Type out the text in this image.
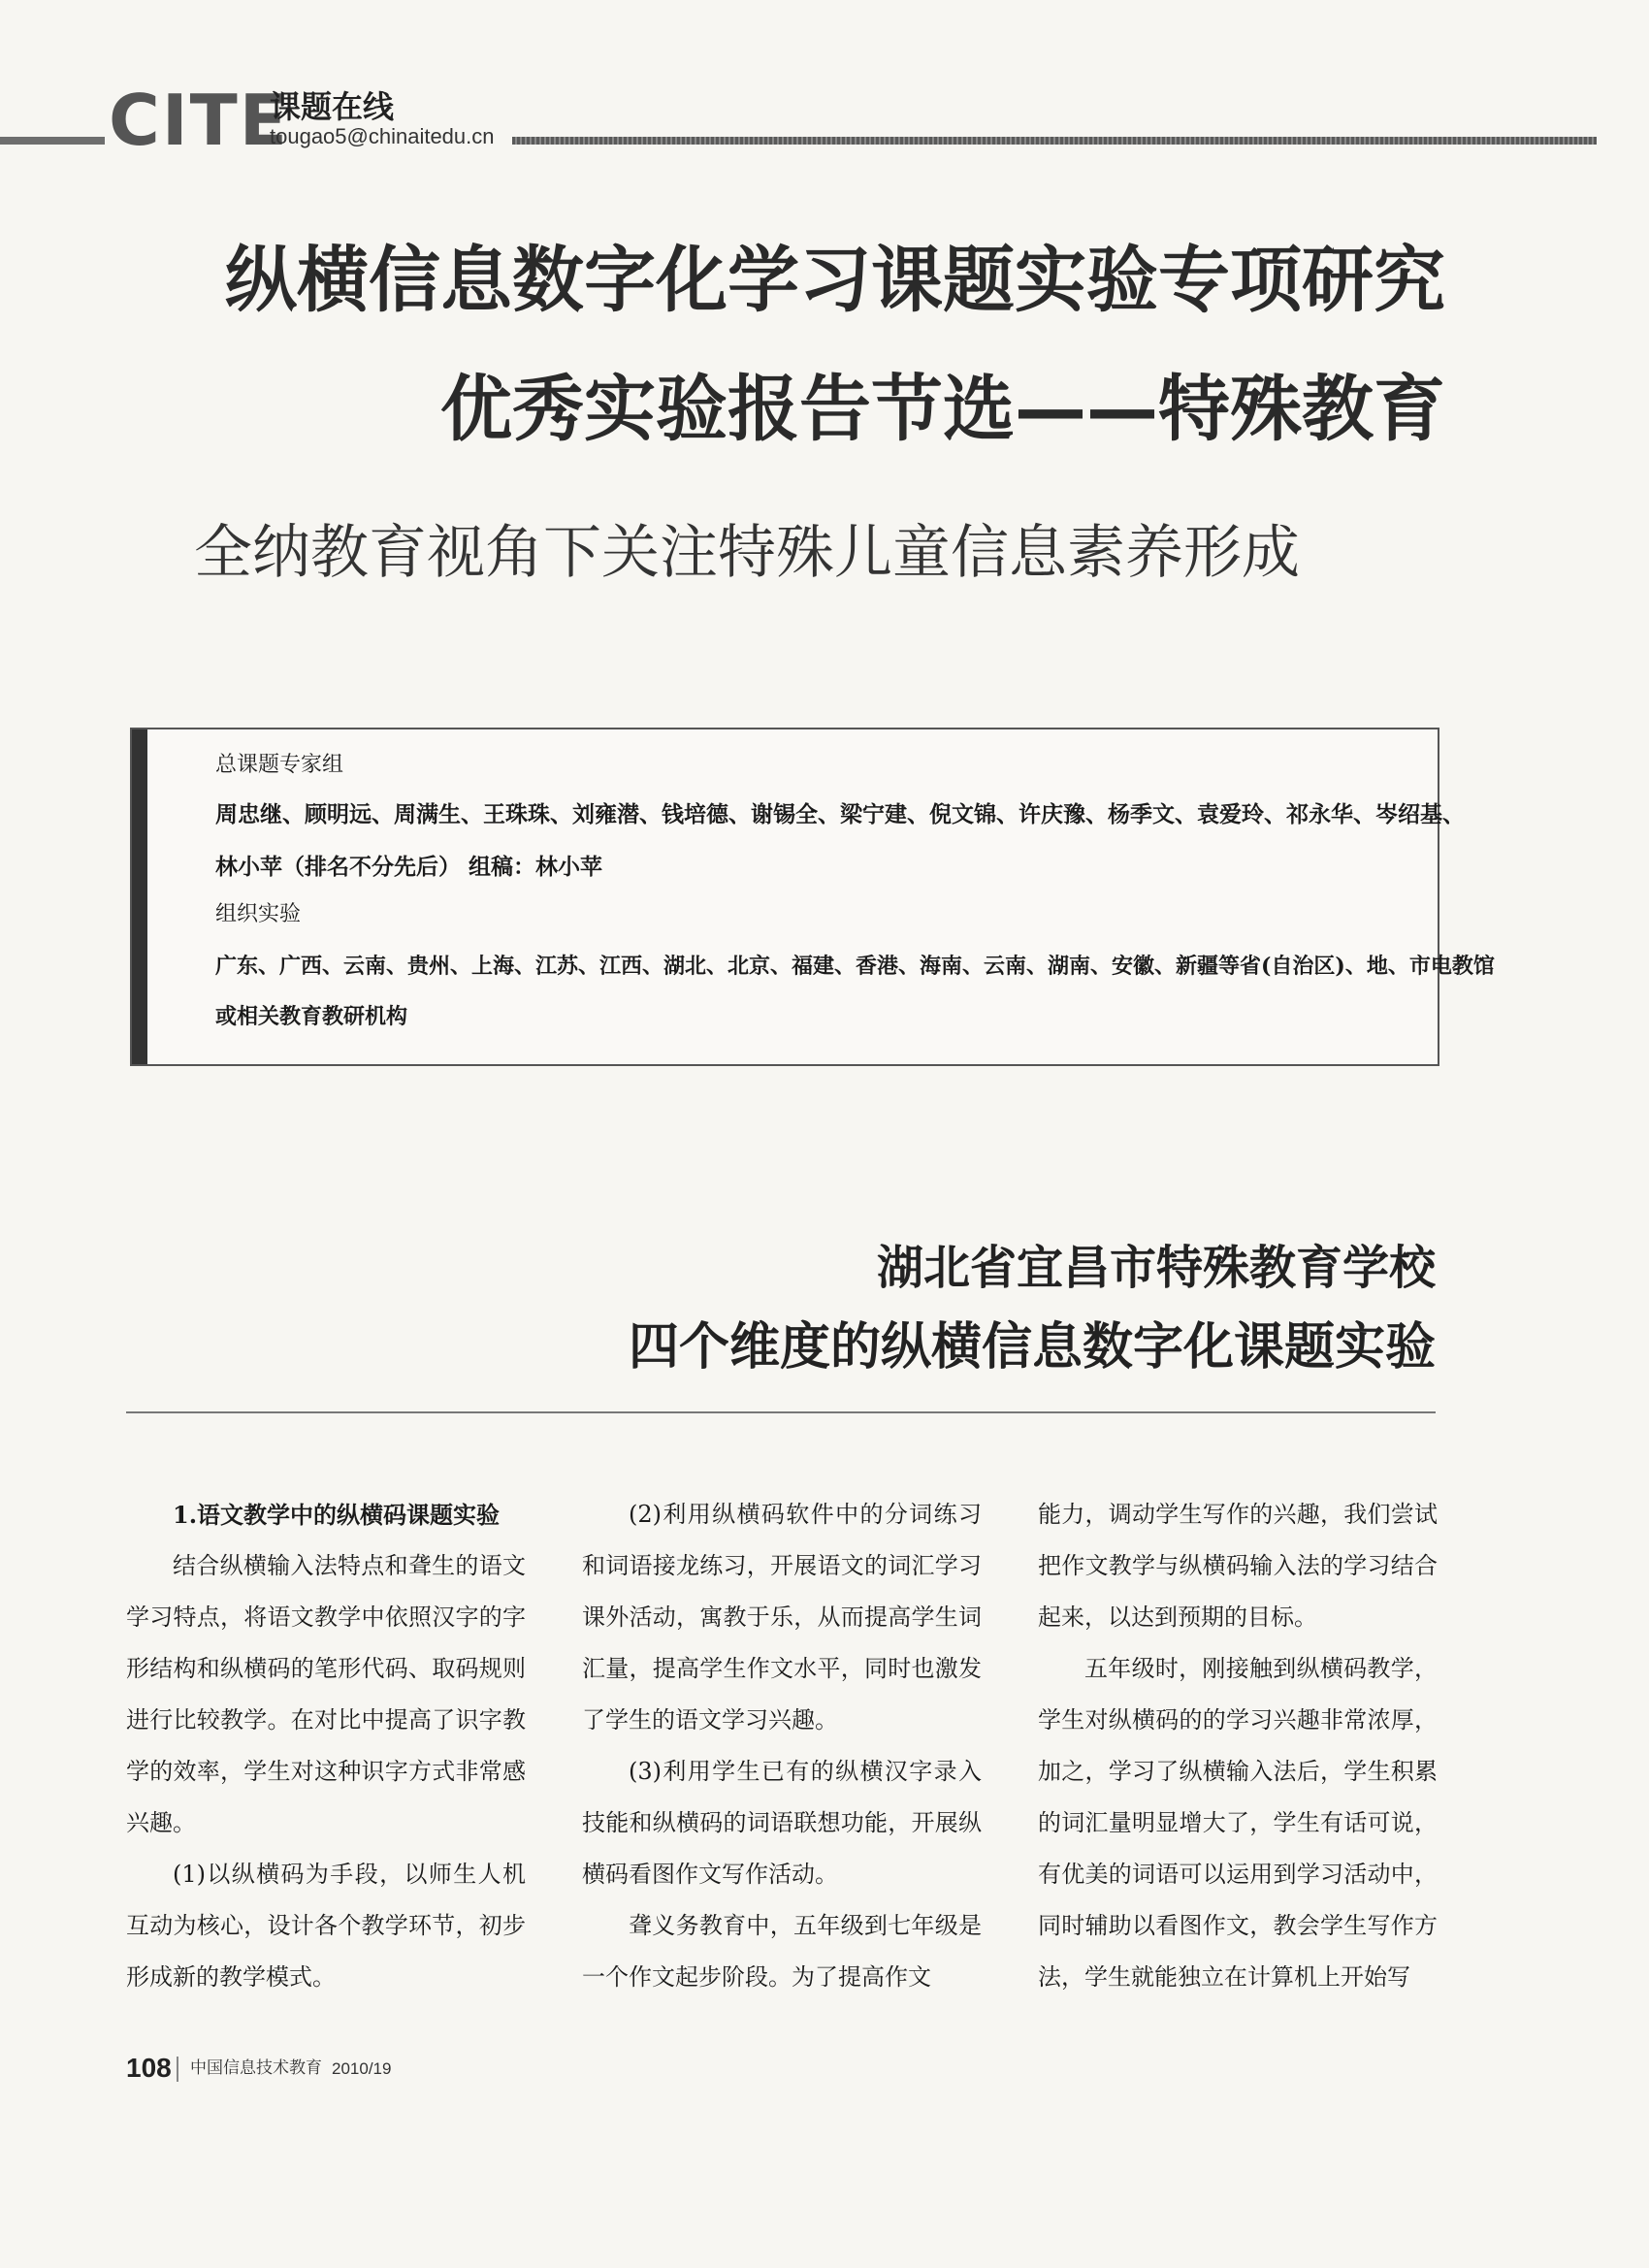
CITE
课题在线
tougao5@chinaitedu.cn
纵横信息数字化学习课题实验专项研究
优秀实验报告节选——特殊教育
全纳教育视角下关注特殊儿童信息素养形成
总课题专家组
周忠继、顾明远、周满生、王珠珠、刘雍潜、钱培德、谢锡全、梁宁建、倪文锦、许庆豫、杨季文、袁爱玲、祁永华、岑绍基、
林小苹（排名不分先后） 组稿：林小苹
组织实验
广东、广西、云南、贵州、上海、江苏、江西、湖北、北京、福建、香港、海南、云南、湖南、安徽、新疆等省(自治区)、地、市电教馆
或相关教育教研机构
湖北省宜昌市特殊教育学校
四个维度的纵横信息数字化课题实验

1.语文教学中的纵横码课题实验

结合纵横输入法特点和聋生的语文学习特点，将语文教学中依照汉字的字形结构和纵横码的笔形代码、取码规则进行比较教学。在对比中提高了识字教学的效率，学生对这种识字方式非常感兴趣。

(1)以纵横码为手段，以师生人机互动为核心，设计各个教学环节，初步形成新的教学模式。

(2)利用纵横码软件中的分词练习和词语接龙练习，开展语文的词汇学习课外活动，寓教于乐，从而提高学生词汇量，提高学生作文水平，同时也激发了学生的语文学习兴趣。

(3)利用学生已有的纵横汉字录入技能和纵横码的词语联想功能，开展纵横码看图作文写作活动。

聋义务教育中，五年级到七年级是一个作文起步阶段。为了提高作文

能力，调动学生写作的兴趣，我们尝试把作文教学与纵横码输入法的学习结合起来，以达到预期的目标。

五年级时，刚接触到纵横码教学，学生对纵横码的的学习兴趣非常浓厚，加之，学习了纵横输入法后，学生积累的词汇量明显增大了，学生有话可说，有优美的词语可以运用到学习活动中，同时辅助以看图作文，教会学生写作方法，学生就能独立在计算机上开始写

108 中国信息技术教育 2010/19
